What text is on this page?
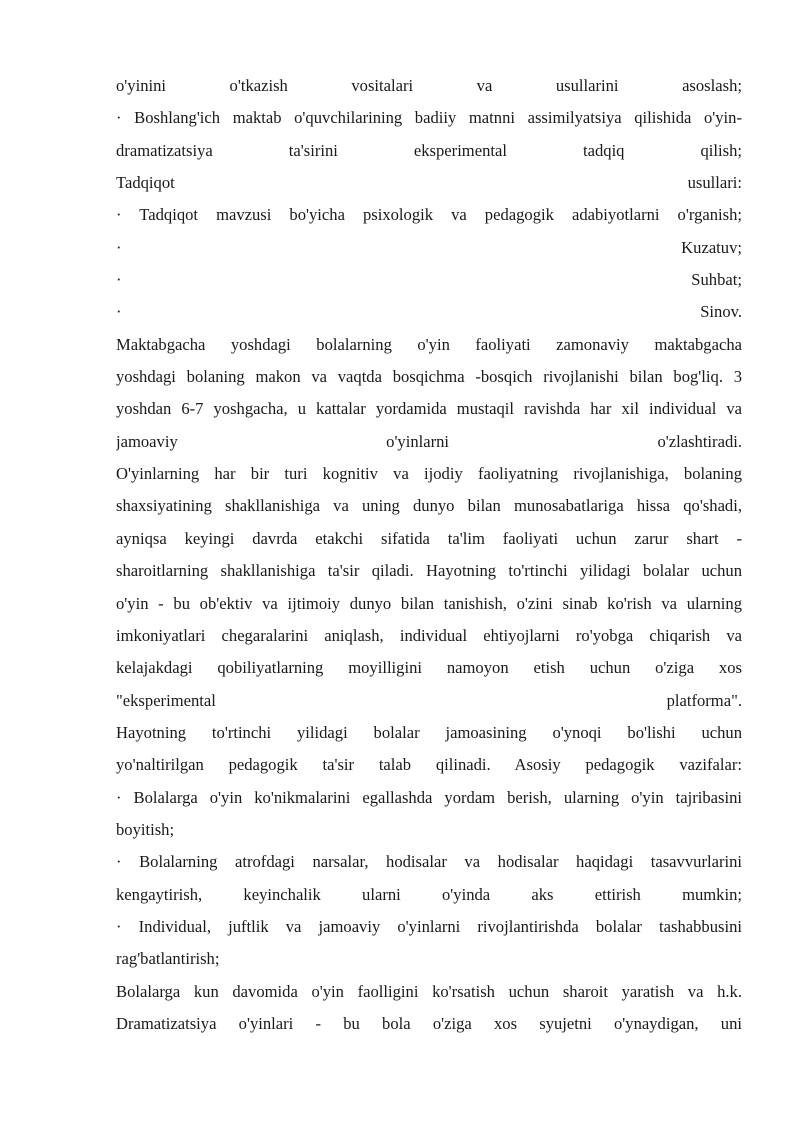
o'yinini o'tkazish vositalari va usullarini asoslash;
· Boshlang'ich maktab o'quvchilarining badiiy matnni assimilyatsiya qilishida o'yin-
dramatizatsiya ta'sirini eksperimental tadqiq qilish;
Tadqiqot usullari:
· Tadqiqot mavzusi bo'yicha psixologik va pedagogik adabiyotlarni o'rganish;
· Kuzatuv;
· Suhbat;
· Sinov.
Maktabgacha yoshdagi bolalarning o'yin faoliyati zamonaviy maktabgacha
yoshdagi bolaning makon va vaqtda bosqichma -bosqich rivojlanishi bilan bog'liq. 3
yoshdan 6-7 yoshgacha, u kattalar yordamida mustaqil ravishda har xil individual va
jamoaviy o'yinlarni o'zlashtiradi.
O'yinlarning har bir turi kognitiv va ijodiy faoliyatning rivojlanishiga, bolaning
shaxsiyatining shakllanishiga va uning dunyo bilan munosabatlariga hissa qo'shadi,
ayniqsa keyingi davrda etakchi sifatida ta'lim faoliyati uchun zarur shart -
sharoitlarning shakllanishiga ta'sir qiladi. Hayotning to'rtinchi yilidagi bolalar uchun
o'yin - bu ob'ektiv va ijtimoiy dunyo bilan tanishish, o'zini sinab ko'rish va ularning
imkoniyatlari chegaralarini aniqlash, individual ehtiyojlarni ro'yobga chiqarish va
kelajakdagi qobiliyatlarning moyilligini namoyon etish uchun o'ziga xos
"eksperimental platforma".
Hayotning to'rtinchi yilidagi bolalar jamoasining o'ynoqi bo'lishi uchun
yo'naltirilgan pedagogik ta'sir talab qilinadi. Asosiy pedagogik vazifalar:
· Bolalarga o'yin ko'nikmalarini egallashda yordam berish, ularning o'yin tajribasini
boyitish;
· Bolalarning atrofdagi narsalar, hodisalar va hodisalar haqidagi tasavvurlarini
kengaytirish, keyinchalik ularni o'yinda aks ettirish mumkin;
· Individual, juftlik va jamoaviy o'yinlarni rivojlantirishda bolalar tashabbusini
rag'batlantirish;
Bolalarga kun davomida o'yin faolligini ko'rsatish uchun sharoit yaratish va h.k.
Dramatizatsiya o'yinlari - bu bola o'ziga xos syujetni o'ynaydigan, uni
